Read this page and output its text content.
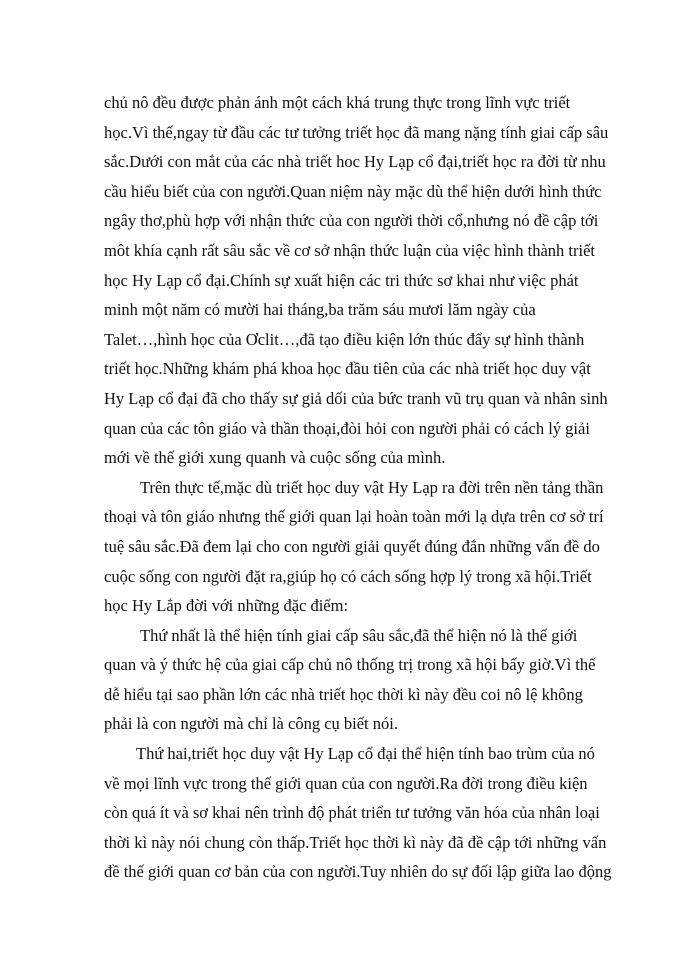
chủ nô đều được phản ánh một cách khá trung thực trong lĩnh vực triết
học.Vì thế,ngay từ đầu các tư tưởng triết học đã mang nặng tính giai cấp sâu
sắc.Dưới con mắt của các nhà triết hoc Hy Lạp cổ đại,triết học ra đời từ nhu
cầu hiểu biết của con người.Quan niệm này mặc dù thể hiện dưới hình thức
ngây thơ,phù hợp với nhận thức của con người thời cổ,nhưng nó đề cập tới
môt khía cạnh rất sâu sắc về cơ sở nhận thức luận của việc hình thành triết
học Hy Lạp cổ đại.Chính sự xuất hiện các tri thức sơ khai như việc phát
minh một năm có mười hai tháng,ba trăm sáu mươi lăm ngày của
Talet…,hình học của Ơclit…,đã tạo điều kiện lớn thúc đẩy sự hình thành
triết học.Những khám phá khoa học đầu tiên của các nhà triết học duy vật
Hy Lạp cổ đại đã cho thấy sự giả dối của bức tranh vũ trụ quan và nhân sinh
quan của các tôn giáo và thần thoại,đòi hỏi con người phải có cách lý giải
mới về thế giới xung quanh và cuộc sống của mình.
Trên thực tế,mặc dù triết học duy vật Hy Lạp ra đời trên nền tảng thần
thoại và tôn giáo nhưng thế giới quan lại hoàn toàn mới lạ dựa trên cơ sở trí
tuệ sâu sắc.Đã đem lại cho con người giải quyết đúng đắn những vấn đề do
cuộc sống con người đặt ra,giúp họ có cách sống hợp lý trong xã hội.Triết
học Hy Lắp đời với những đặc điểm:
Thứ nhất là thể hiện tính giai cấp sâu sắc,đã thể hiện nó là thế giới
quan và ý thức hệ của giai cấp chủ nô thống trị trong xã hội bấy giờ.Vì thế
dễ hiểu tại sao phần lớn các nhà triết học thời kì này đều coi nô lệ không
phải là con người mà chỉ là công cụ biết nói.
Thứ hai,triết học duy vật Hy Lạp cổ đại thể hiện tính bao trùm của nó
về mọi lĩnh vực trong thế giới quan của con người.Ra đời trong điều kiện
còn quá ít và sơ khai nên trình độ phát triển tư tưởng văn hóa của nhân loại
thời kì này nói chung còn thấp.Triết học thời kì này đã đề cập tới những vấn
đề thế giới quan cơ bản của con người.Tuy nhiên do sự đối lập giữa lao động
